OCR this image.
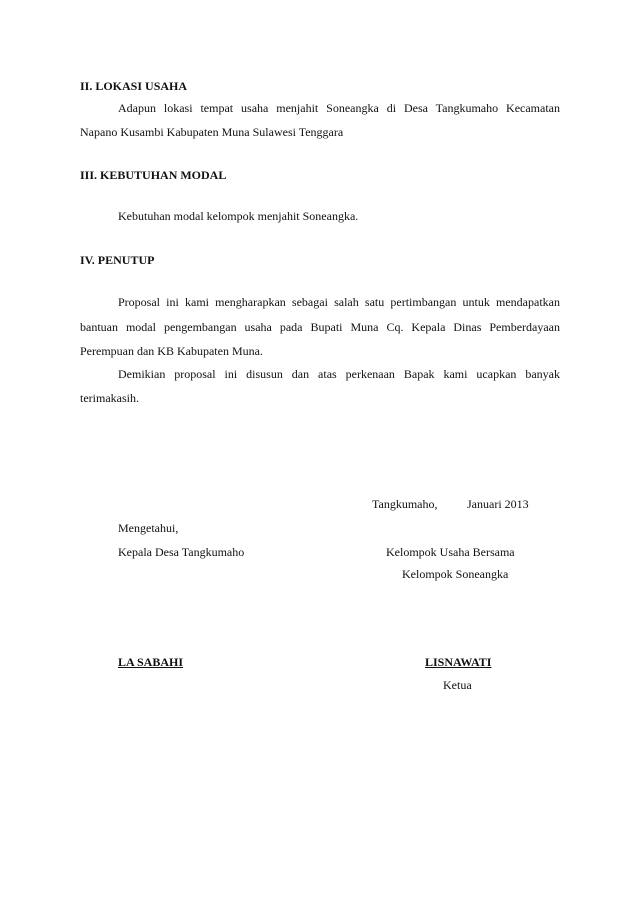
II. LOKASI USAHA
Adapun lokasi tempat usaha menjahit Soneangka di Desa Tangkumaho Kecamatan
Napano Kusambi Kabupaten Muna Sulawesi Tenggara
III. KEBUTUHAN MODAL
Kebutuhan modal kelompok menjahit Soneangka.
IV. PENUTUP
Proposal ini kami mengharapkan sebagai salah satu pertimbangan untuk mendapatkan
bantuan modal pengembangan usaha pada Bupati Muna Cq. Kepala Dinas Pemberdayaan
Perempuan dan KB Kabupaten Muna.
Demikian proposal ini disusun dan atas perkenaan Bapak kami ucapkan banyak
terimakasih.
Tangkumaho, Januari 2013
Mengetahui,
Kepala Desa Tangkumaho	Kelompok Usaha Bersama
Kelompok Soneangka
LA SABAHI	LISNAWATI
Ketua
